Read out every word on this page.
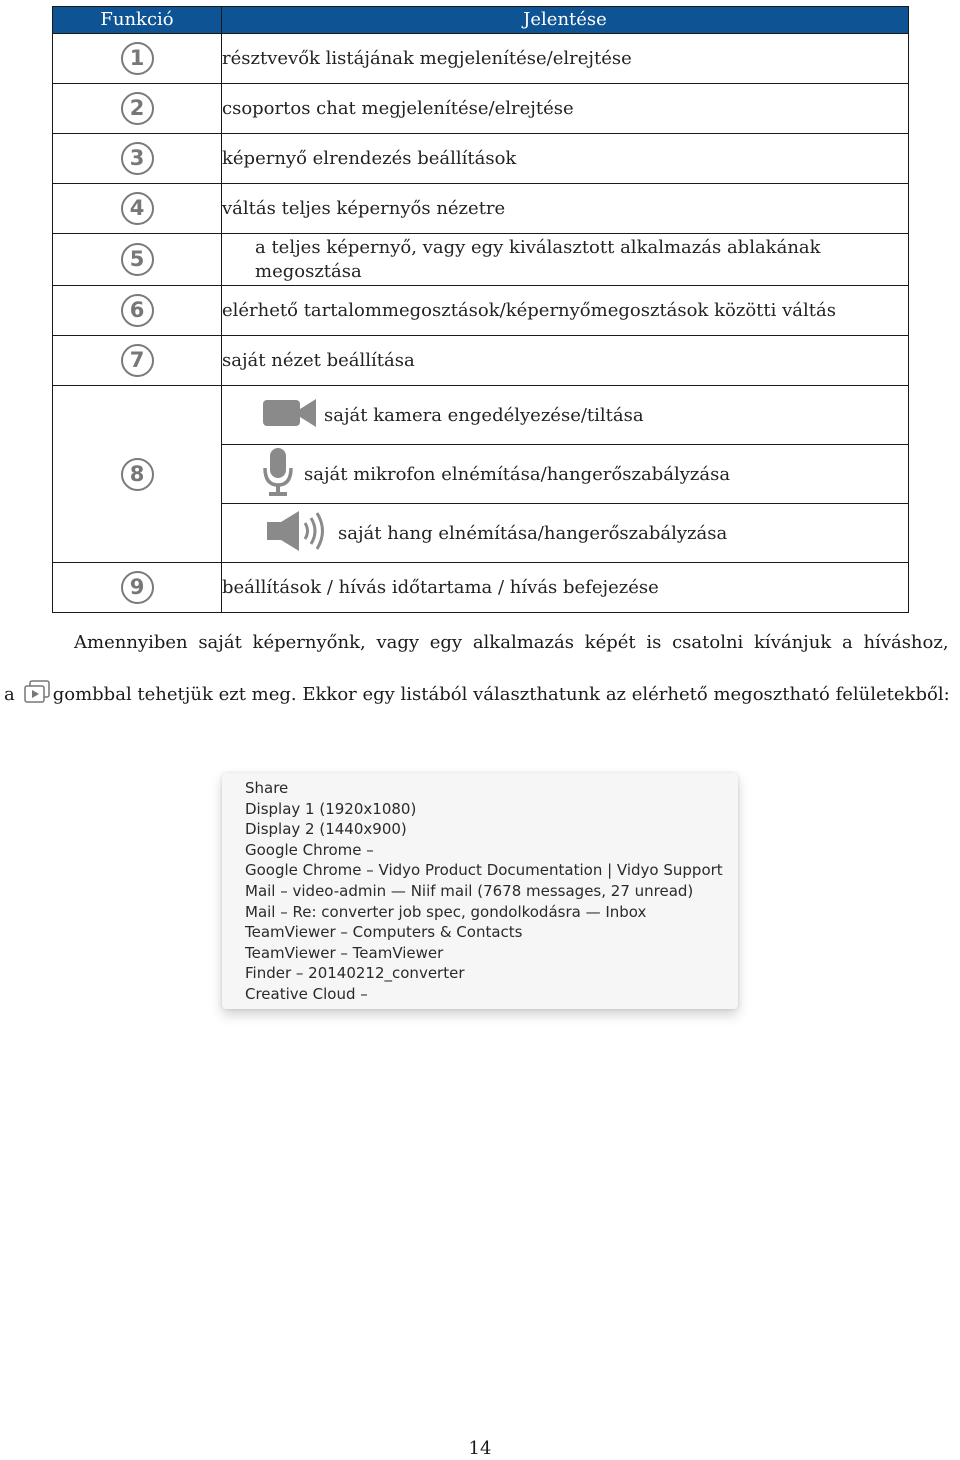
Funkció	Jelentése
1	résztvevők listájának megjelenítése/elrejtése
2	csoportos chat megjelenítése/elrejtése
3	képernyő elrendezés beállítások
4	váltás teljes képernyős nézetre
5	a teljes képernyő, vagy egy kiválasztott alkalmazás ablakának
megosztása

6	elérhető tartalommegosztások/képernyőmegosztások közötti váltás
7	saját nézet beállítása
8	saját kamera engedélyezése/tiltása

	saját mikrofon elnémítása/hangerőszabályzása

	saját hang elnémítása/hangerőszabályzása

9	beállítások / hívás időtartama / hívás befejezése

Amennyiben saját képernyőnk, vagy egy alkalmazás képét is csatolni kívánjuk a híváshoz,

a gombbal tehetjük ezt meg. Ekkor egy listából választhatunk az elérhető megosztható felületekből:

Share
Display 1 (1920x1080)
Display 2 (1440x900)
Google Chrome –
Google Chrome – Vidyo Product Documentation | Vidyo Support
Mail – video-admin — Niif mail (7678 messages, 27 unread)
Mail – Re: converter job spec, gondolkodásra — Inbox
TeamViewer – Computers & Contacts
TeamViewer – TeamViewer
Finder – 20140212_converter
Creative Cloud –
14
